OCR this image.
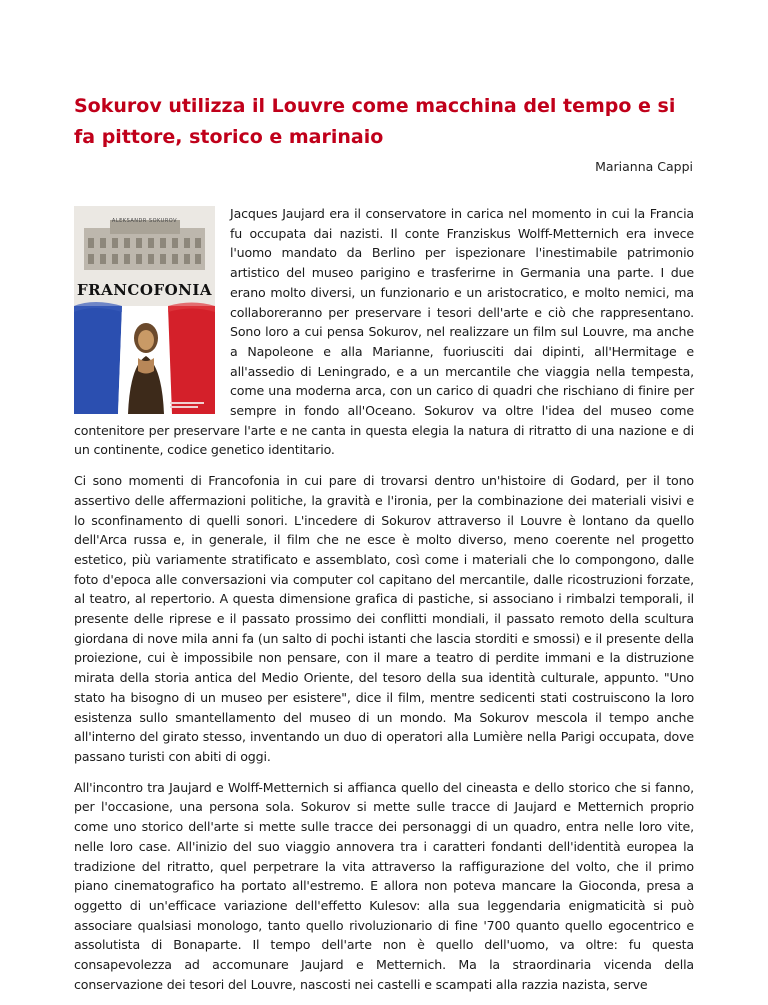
Sokurov utilizza il Louvre come macchina del tempo e si fa pittore, storico e marinaio
Marianna Cappi
ALEKSANDR SOKUROV
FRANCOFONIA

Jacques Jaujard era il conservatore in carica nel momento in cui la Francia fu occupata dai nazisti. Il conte Franziskus Wolff-Metternich era invece l'uomo mandato da Berlino per ispezionare l'inestimabile patrimonio artistico del museo parigino e trasferirne in Germania una parte. I due erano molto diversi, un funzionario e un aristocratico, e molto nemici, ma collaboreranno per preservare i tesori dell'arte e ciò che rappresentano. Sono loro a cui pensa Sokurov, nel realizzare un film sul Louvre, ma anche a Napoleone e alla Marianne, fuoriusciti dai dipinti, all'Hermitage e all'assedio di Leningrado, e a un mercantile che viaggia nella tempesta, come una moderna arca, con un carico di quadri che rischiano di finire per sempre in fondo all'Oceano. Sokurov va oltre l'idea del museo come contenitore per preservare l'arte e ne canta in questa elegia la natura di ritratto di una nazione e di un continente, codice genetico identitario.

Ci sono momenti di Francofonia in cui pare di trovarsi dentro un'histoire di Godard, per il tono assertivo delle affermazioni politiche, la gravità e l'ironia, per la combinazione dei materiali visivi e lo sconfinamento di quelli sonori. L'incedere di Sokurov attraverso il Louvre è lontano da quello dell'Arca russa e, in generale, il film che ne esce è molto diverso, meno coerente nel progetto estetico, più variamente stratificato e assemblato, così come i materiali che lo compongono, dalle foto d'epoca alle conversazioni via computer col capitano del mercantile, dalle ricostruzioni forzate, al teatro, al repertorio. A questa dimensione grafica di pastiche, si associano i rimbalzi temporali, il presente delle riprese e il passato prossimo dei conflitti mondiali, il passato remoto della scultura giordana di nove mila anni fa (un salto di pochi istanti che lascia storditi e smossi) e il presente della proiezione, cui è impossibile non pensare, con il mare a teatro di perdite immani e la distruzione mirata della storia antica del Medio Oriente, del tesoro della sua identità culturale, appunto. "Uno stato ha bisogno di un museo per esistere", dice il film, mentre sedicenti stati costruiscono la loro esistenza sullo smantellamento del museo di un mondo. Ma Sokurov mescola il tempo anche all'interno del girato stesso, inventando un duo di operatori alla Lumière nella Parigi occupata, dove passano turisti con abiti di oggi.

All'incontro tra Jaujard e Wolff-Metternich si affianca quello del cineasta e dello storico che si fanno, per l'occasione, una persona sola. Sokurov si mette sulle tracce di Jaujard e Metternich proprio come uno storico dell'arte si mette sulle tracce dei personaggi di un quadro, entra nelle loro vite, nelle loro case. All'inizio del suo viaggio annovera tra i caratteri fondanti dell'identità europea la tradizione del ritratto, quel perpetrare la vita attraverso la raffigurazione del volto, che il primo piano cinematografico ha portato all'estremo. E allora non poteva mancare la Gioconda, presa a oggetto di un'efficace variazione dell'effetto Kulesov: alla sua leggendaria enigmaticità si può associare qualsiasi monologo, tanto quello rivoluzionario di fine '700 quanto quello egocentrico e assolutista di Bonaparte. Il tempo dell'arte non è quello dell'uomo, va oltre: fu questa consapevolezza ad accomunare Jaujard e Metternich. Ma la straordinaria vicenda della conservazione dei tesori del Louvre, nascosti nei castelli e scampati alla razzia nazista, serve
